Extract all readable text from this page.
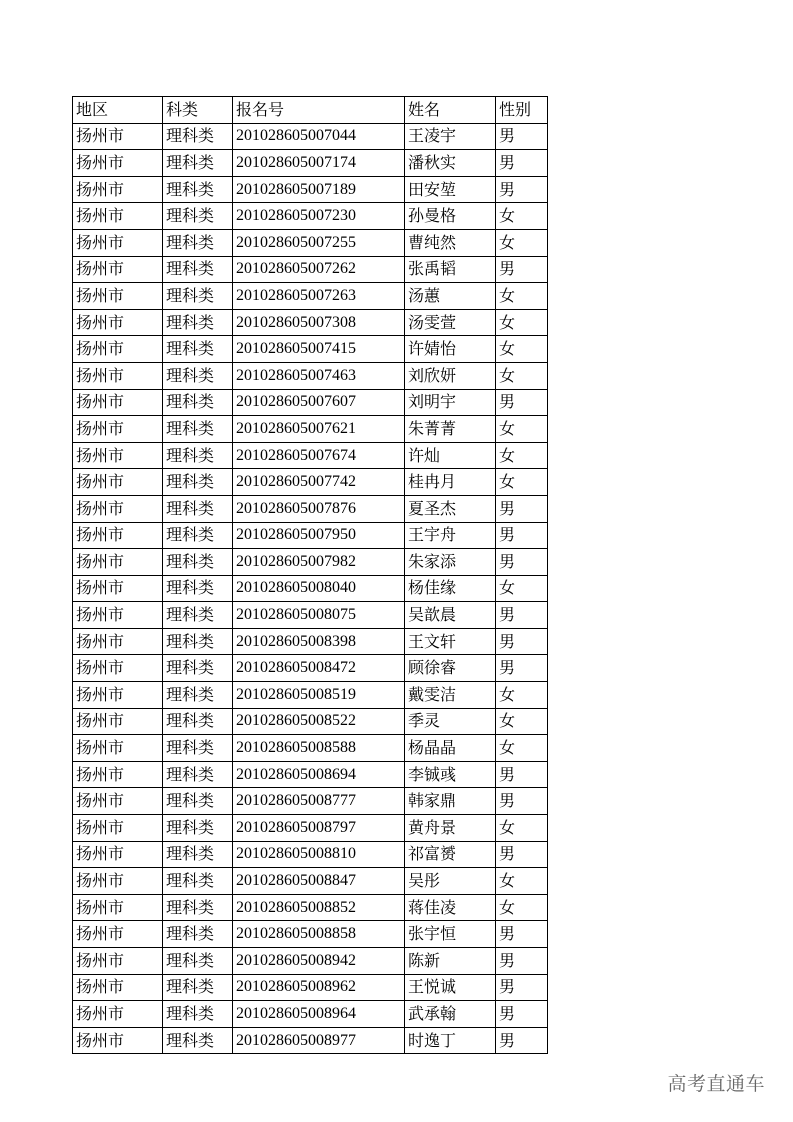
地区	科类	报名号	姓名	性别
扬州市	理科类	201028605007044	王凌宇	男
扬州市	理科类	201028605007174	潘秋实	男
扬州市	理科类	201028605007189	田安堃	男
扬州市	理科类	201028605007230	孙曼格	女
扬州市	理科类	201028605007255	曹纯然	女
扬州市	理科类	201028605007262	张禹韬	男
扬州市	理科类	201028605007263	汤蕙	女
扬州市	理科类	201028605007308	汤雯萱	女
扬州市	理科类	201028605007415	许婧怡	女
扬州市	理科类	201028605007463	刘欣妍	女
扬州市	理科类	201028605007607	刘明宇	男
扬州市	理科类	201028605007621	朱菁菁	女
扬州市	理科类	201028605007674	许灿	女
扬州市	理科类	201028605007742	桂冉月	女
扬州市	理科类	201028605007876	夏圣杰	男
扬州市	理科类	201028605007950	王宇舟	男
扬州市	理科类	201028605007982	朱家添	男
扬州市	理科类	201028605008040	杨佳缘	女
扬州市	理科类	201028605008075	吴歆晨	男
扬州市	理科类	201028605008398	王文轩	男
扬州市	理科类	201028605008472	顾徐睿	男
扬州市	理科类	201028605008519	戴雯洁	女
扬州市	理科类	201028605008522	季灵	女
扬州市	理科类	201028605008588	杨晶晶	女
扬州市	理科类	201028605008694	李铖彧	男
扬州市	理科类	201028605008777	韩家鼎	男
扬州市	理科类	201028605008797	黄舟景	女
扬州市	理科类	201028605008810	祁富赟	男
扬州市	理科类	201028605008847	吴彤	女
扬州市	理科类	201028605008852	蒋佳凌	女
扬州市	理科类	201028605008858	张宇恒	男
扬州市	理科类	201028605008942	陈新	男
扬州市	理科类	201028605008962	王悦诚	男
扬州市	理科类	201028605008964	武承翰	男
扬州市	理科类	201028605008977	时逸丁	男
高考直通车
